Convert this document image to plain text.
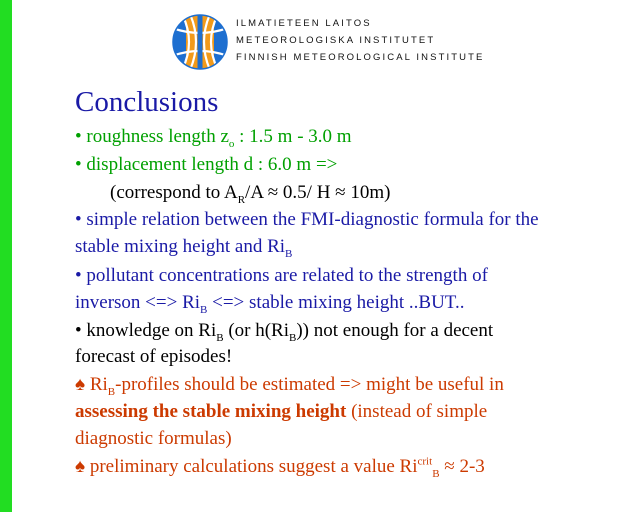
ILMATIETEEN LAITOS
METEOROLOGISKA INSTITUTET
FINNISH METEOROLOGICAL INSTITUTE
Conclusions
• roughness length $z_o$ : 1.5 m - 3.0 m
• displacement length d : 6.0 m =>
(correspond to $A_R/A \approx 0.5/$ H ≈ 10m)
• simple relation between the FMI-diagnostic formula for the
stable mixing height and $Ri_B$
• pollutant concentrations are related to the strength of
inverson <=> $Ri_B$ <=> stable mixing height ..BUT..
• knowledge on $Ri_B$ (or $h(Ri_B)$) not enough for a decent
forecast of episodes!
♠ $Ri_B$-profiles should be estimated => might be useful in
assessing the stable mixing height (instead of simple
diagnostic formulas)
♠ preliminary calculations suggest a value $Ri^{crit}_B \approx 2-3$
